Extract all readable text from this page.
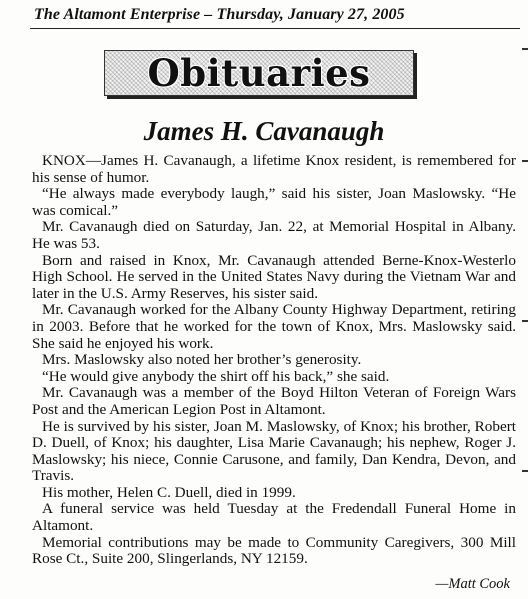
The Altamont Enterprise – Thursday, January 27, 2005
Obituaries
James H. Cavanaugh

KNOX—James H. Cavanaugh, a lifetime Knox resident, is remembered for his sense of humor.

“He always made everybody laugh,” said his sister, Joan Maslowsky. “He was comical.”

Mr. Cavanaugh died on Saturday, Jan. 22, at Memorial Hospital in Albany. He was 53.

Born and raised in Knox, Mr. Cavanaugh attended Berne-Knox-Westerlo High School. He served in the United States Navy during the Vietnam War and later in the U.S. Army Reserves, his sister said.

Mr. Cavanaugh worked for the Albany County Highway Department, retiring in 2003. Before that he worked for the town of Knox, Mrs. Maslowsky said. She said he enjoyed his work.

Mrs. Maslowsky also noted her brother’s generosity.

“He would give anybody the shirt off his back,” she said.

Mr. Cavanaugh was a member of the Boyd Hilton Veteran of Foreign Wars Post and the American Legion Post in Altamont.

He is survived by his sister, Joan M. Maslowsky, of Knox; his brother, Robert D. Duell, of Knox; his daughter, Lisa Marie Cavanaugh; his nephew, Roger J. Maslowsky; his niece, Connie Carusone, and family, Dan Kendra, Devon, and Travis.

His mother, Helen C. Duell, died in 1999.

A funeral service was held Tuesday at the Fredendall Funeral Home in Altamont.

Memorial contributions may be made to Community Caregivers, 300 Mill Rose Ct., Suite 200, Slingerlands, NY 12159.

—Matt Cook
